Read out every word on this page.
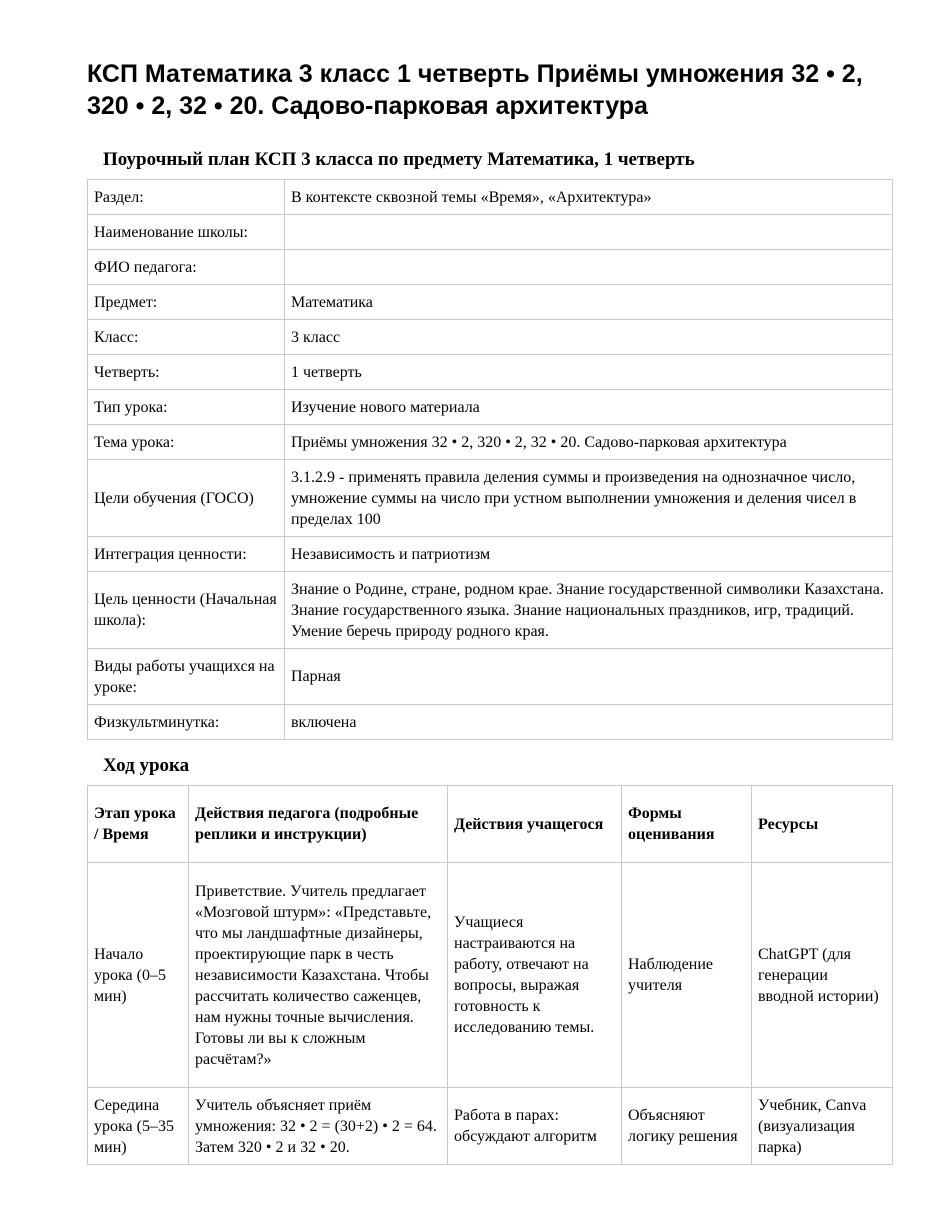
КСП Математика 3 класс 1 четверть Приёмы умножения 32 • 2, 320 • 2, 32 • 20. Садово-парковая архитектура
Поурочный план КСП 3 класса по предмету Математика, 1 четверть
Раздел:	В контексте сквозной темы «Время», «Архитектура»
Наименование школы:	
ФИО педагога:	
Предмет:	Математика
Класс:	3 класс
Четверть:	1 четверть
Тип урока:	Изучение нового материала
Тема урока:	Приёмы умножения 32 • 2, 320 • 2, 32 • 20. Садово-парковая архитектура
Цели обучения (ГОСО)	3.1.2.9 - применять правила деления суммы и произведения на однозначное число, умножение суммы на число при устном выполнении умножения и деления чисел в пределах 100
Интеграция ценности:	Независимость и патриотизм
Цель ценности (Начальная школа):	Знание о Родине, стране, родном крае. Знание государственной символики Казахстана. Знание государственного языка. Знание национальных праздников, игр, традиций. Умение беречь природу родного края.
Виды работы учащихся на уроке:	Парная
Физкультминутка:	включена
Ход урока
Этап урока / Время	Действия педагога (подробные реплики и инструкции)	Действия учащегося	Формы оценивания	Ресурсы
Начало урока (0–5 мин)	Приветствие. Учитель предлагает «Мозговой штурм»: «Представьте, что мы ландшафтные дизайнеры, проектирующие парк в честь независимости Казахстана. Чтобы рассчитать количество саженцев, нам нужны точные вычисления. Готовы ли вы к сложным расчётам?»	Учащиеся настраиваются на работу, отвечают на вопросы, выражая готовность к исследованию темы.	Наблюдение учителя	ChatGPT (для генерации вводной истории)
Середина урока (5–35 мин)	Учитель объясняет приём умножения: 32 • 2 = (30+2) • 2 = 64. Затем 320 • 2 и 32 • 20.	Работа в парах: обсуждают алгоритм	Объясняют логику решения	Учебник, Canva (визуализация парка)
